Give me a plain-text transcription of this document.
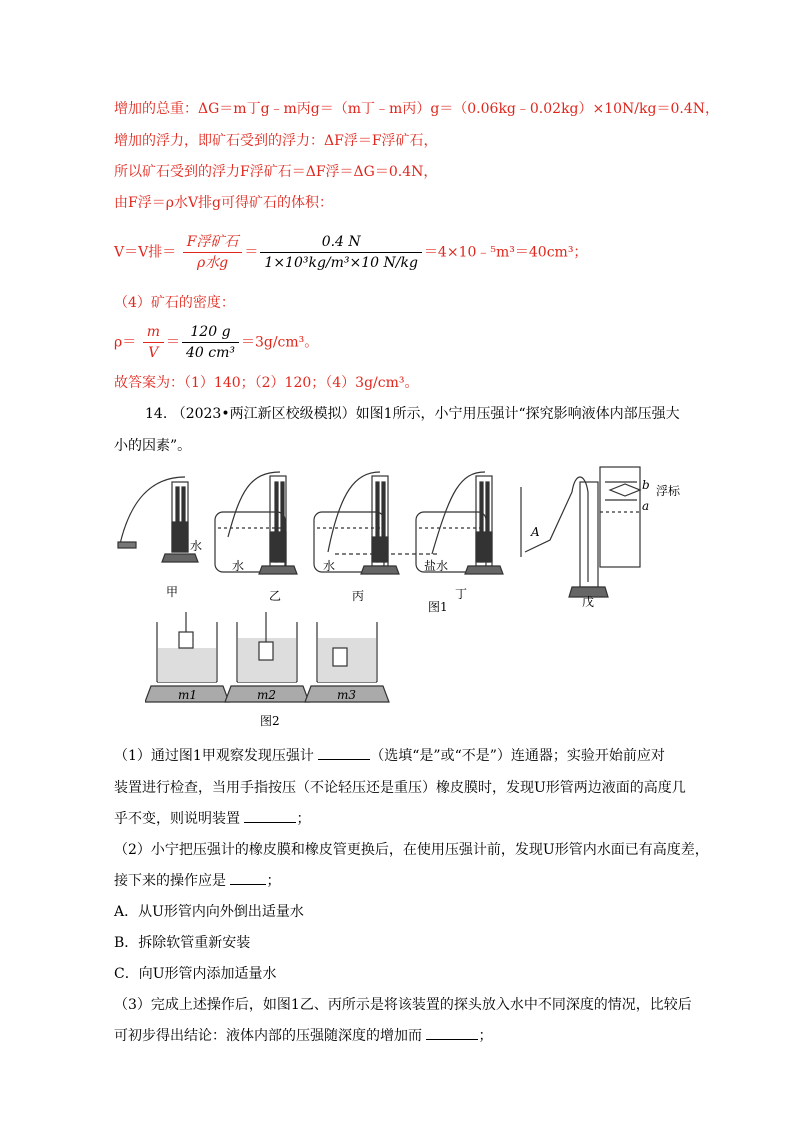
增加的总重：ΔG＝m丁g﹣m丙g＝（m丁﹣m丙）g＝（0.06kg﹣0.02kg）×10N/kg＝0.4N，
增加的浮力，即矿石受到的浮力：ΔF浮＝F浮矿石，
所以矿石受到的浮力F浮矿石＝ΔF浮＝ΔG＝0.4N，
由F浮＝ρ水V排g可得矿石的体积：
V＝V排＝ $\frac{\text{F浮矿石}}{\text{ρ水g}} = \frac{0.4 N}{\text{1×10³kg/m³×10 N/kg}}$ ＝4×10﹣⁵m³＝40cm³；
（4）矿石的密度：
$\rho= \frac{m}{V} = \frac{120 g}{\text{40 cm³}} =3g/cm^3$。
故答案为：（1）140；（2）120；（4）3g/cm³。
14. （2023•两江新区校级模拟）如图1所示，小宁用压强计“探究影响液体内部压强大
小的因素”。
水
水	水	盐水
A
b
a
浮标
甲	乙	丙	丁
戊
图1
m1	m2	m3
图2
（1）通过图1甲观察发现压强计	（选填“是”或“不是”）连通器；实验开始前应对
装置进行检查，当用手指按压（不论轻压还是重压）橡皮膜时，发现U形管两边液面的高度几
乎不变，则说明装置	；
（2）小宁把压强计的橡皮膜和橡皮管更换后，在使用压强计前，发现U形管内水面已有高度差，
接下来的操作应是	；
A．从U形管内向外倒出适量水
B．拆除软管重新安装
C．向U形管内添加适量水
（3）完成上述操作后，如图1乙、丙所示是将该装置的探头放入水中不同深度的情况，比较后
可初步得出结论：液体内部的压强随深度的增加而	；
